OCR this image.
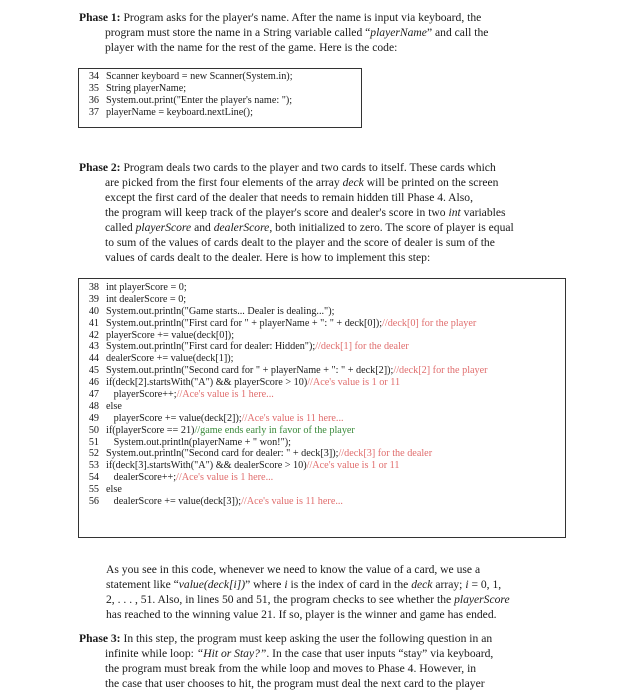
Phase 1: Program asks for the player's name. After the name is input via keyboard, the
program must store the name in a String variable called “playerName” and call the
player with the name for the rest of the game. Here is the code:

34 Scanner keyboard = new Scanner(System.in);
35 String playerName;
36 System.out.print("Enter the player's name: ");
37 playerName = keyboard.nextLine();

Phase 2: Program deals two cards to the player and two cards to itself. These cards which
are picked from the first four elements of the array deck will be printed on the screen
except the first card of the dealer that needs to remain hidden till Phase 4. Also,
the program will keep track of the player's score and dealer's score in two int variables
called playerScore and dealerScore, both initialized to zero. The score of player is equal
to sum of the values of cards dealt to the player and the score of dealer is sum of the
values of cards dealt to the dealer. Here is how to implement this step:

38 int playerScore = 0;
39 int dealerScore = 0;
40 System.out.println("Game starts... Dealer is dealing...");
41 System.out.println("First card for " + playerName + ": " + deck[0]); //deck[0] for the player
42 playerScore += value(deck[0]);
43 System.out.println("First card for dealer: Hidden"); //deck[1] for the dealer
44 dealerScore += value(deck[1]);
45 System.out.println("Second card for " + playerName + ": " + deck[2]); //deck[2] for the player
46 if(deck[2].startsWith("A") && playerScore > 10) //Ace's value is 1 or 11
47 playerScore++; //Ace's value is 1 here...
48 else
49 playerScore += value(deck[2]); //Ace's value is 11 here...
50 if(playerScore == 21) //game ends early in favor of the player
51 System.out.println(playerName + " won!");
52 System.out.println("Second card for dealer: " + deck[3]); //deck[3] for the dealer
53 if(deck[3].startsWith("A") && dealerScore > 10) //Ace's value is 1 or 11
54 dealerScore++; //Ace's value is 1 here...
55 else
56 dealerScore += value(deck[3]); //Ace's value is 11 here...

As you see in this code, whenever we need to know the value of a card, we use a
statement like “value(deck[i])” where i is the index of card in the deck array; i = 0, 1,
2, . . . , 51. Also, in lines 50 and 51, the program checks to see whether the playerScore
has reached to the winning value 21. If so, player is the winner and game has ended.

Phase 3: In this step, the program must keep asking the user the following question in an
infinite while loop: “Hit or Stay?”. In the case that user inputs “stay” via keyboard,
the program must break from the while loop and moves to Phase 4. However, in
the case that user chooses to hit, the program must deal the next card to the player
